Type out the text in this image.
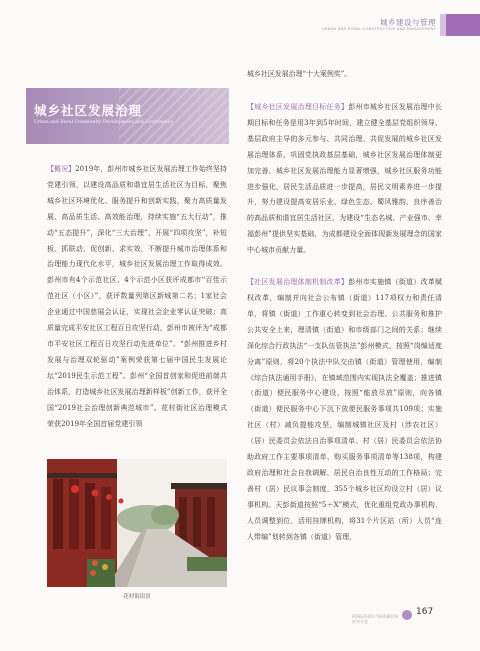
城乡建设与管理
URBAN AND RURAL CONSTRUCTION AND MANAGEMENT
城乡社区发展治理
Urban and Rural Community Development and Governance

【概况】2019年，彭州市城乡社区发展治理工作始终坚持党建引领，以建设高品质和谐宜居生活社区为目标，聚焦城乡社区环境优化、服务提升和创新实践，聚力高质量发展、高品质生活、高效能治理，持续实施“五大行动”，推动“五态提升”，深化“三大治理”，开展“四项攻坚”，补短板、抓联动、促创新、求实效，不断提升城市治理体系和治理能力现代化水平，城乡社区发展治理工作取得成效。彭州市有4个示范社区、4个示范小区获评成都市“百佳示范社区（小区）”，获评数量列第区新城第二名；1家社会企业通过中国慈展会认证，实现社会企业零认证突破；高质量完成平安社区工程百日攻坚行动，彭州市被评为“成都市平安社区工程百日攻坚行动先进单位”。“彭州推进乡村发展与治理双轮驱动”案例荣获第七届中国民生发展论坛“2019民生示范工程”。彭州“全国首创家和促进前端共治体系，打造城乡社区发展治理新样板”创新工作，获评全国“2019社会治理创新典范城市”。花村街社区治理模式荣获2019年全国首届党建引领

城乡社区发展治理“十大案例奖”。

【城乡社区发展治理目标任务】彭州市城乡社区发展治理中长期目标和任务是用3年到5年时间，建立健全基层党组织领导、基层政府主导的多元参与、共同治理、共促发展的城乡社区发展治理体系，巩固党执政基层基础，城乡社区发展治理体制更加完善，城乡社区发展治理能力显著增强，城乡社区服务功能进步强化，居民生活品质进一步提高，居民文明素养进一步提升，努力建设提高安居乐业、绿色生态、蜀风雅韵、良序善治的高品质和谐宜居生活社区，为建设“生态名城、产业强市、幸福彭州”提供坚实基础，为成都建设全面体现新发展理念的国家中心城市贡献力量。

【社区发展治理体制机制改革】彭州市实施镇（街道）改革赋权改革，编制并向社会公布镇（街道）117项权力和责任清单，将镇（街道）工作重心转变到社会治理、公共服务和推护公共安全上来，理清镇（街道）和市级部门之间的关系；继续深化综合行政执法“一支队伍管执法”彭州模式，按照“岗编适度分离”原则，将20个执法中队交由镇（街道）管理使用，编制《综合执法通用手册》，在镇域范围内实现执法全覆盖；推进镇（街道）便民服务中心建设，按照“能放尽放”原则，向各镇（街道）便民服务中心下沉下放便民服务事项共109项；实施社区（村）减负提能攻坚，编制城镇社区及村（涉农社区）（居）民委员会依法自治事项清单、村（居）民委员会依法协助政府工作主要事项清单、购买服务事项清单等138项，构建政府治理和社会自我调解、居民自治良性互动的工作格局；完善村（居）民议事会制度，355个城乡社区均设立村（居）议事机构。天彭街道按照“5＋X”模式，优化重组党政办事机构，人员调整到位，活用挂牌机构，将31个片区站（所）人员“连人带编”划转到各镇（街道）管理，

花村街街景
PENGZHOU YEARBOOK
彭州年鉴
167
